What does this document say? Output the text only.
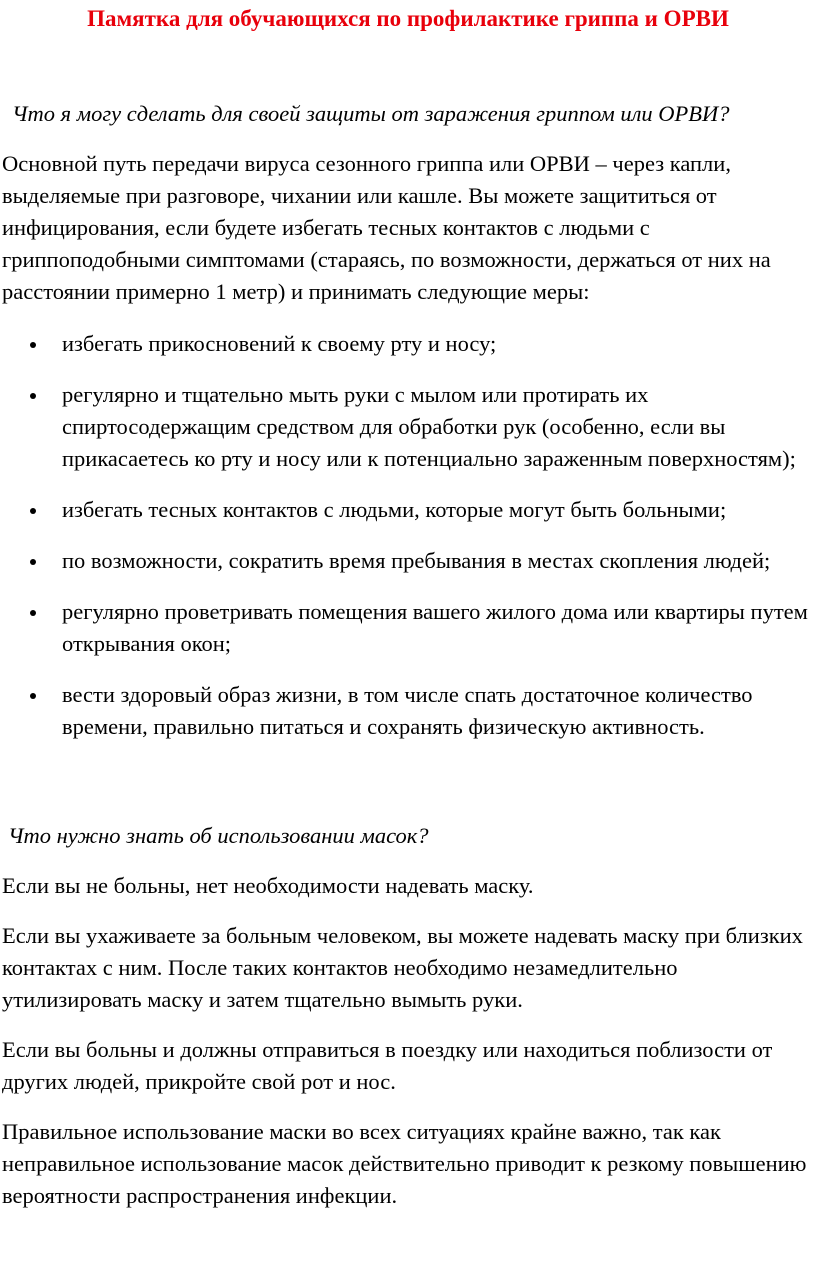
Памятка для обучающихся по профилактике гриппа и ОРВИ

Что я могу сделать для своей защиты от заражения гриппом или ОРВИ?

Основной путь передачи вируса сезонного гриппа или ОРВИ – через капли, выделяемые при разговоре, чихании или кашле. Вы можете защититься от инфицирования, если будете избегать тесных контактов с людьми с гриппоподобными симптомами (стараясь, по возможности, держаться от них на расстоянии примерно 1 метр) и принимать следующие меры:

избегать прикосновений к своему рту и носу;
регулярно и тщательно мыть руки с мылом или протирать их спиртосодержащим средством для обработки рук (особенно, если вы прикасаетесь ко рту и носу или к потенциально зараженным поверхностям);
избегать тесных контактов с людьми, которые могут быть больными;
по возможности, сократить время пребывания в местах скопления людей;
регулярно проветривать помещения вашего жилого дома или квартиры путем открывания окон;
вести здоровый образ жизни, в том числе спать достаточное количество времени, правильно питаться и сохранять физическую активность.

Что нужно знать об использовании масок?

Если вы не больны, нет необходимости надевать маску.

Если вы ухаживаете за больным человеком, вы можете надевать маску при близких контактах с ним. После таких контактов необходимо незамедлительно утилизировать маску и затем тщательно вымыть руки.

Если вы больны и должны отправиться в поездку или находиться поблизости от других людей, прикройте свой рот и нос.

Правильное использование маски во всех ситуациях крайне важно, так как неправильное использование масок действительно приводит к резкому повышению вероятности распространения инфекции.
